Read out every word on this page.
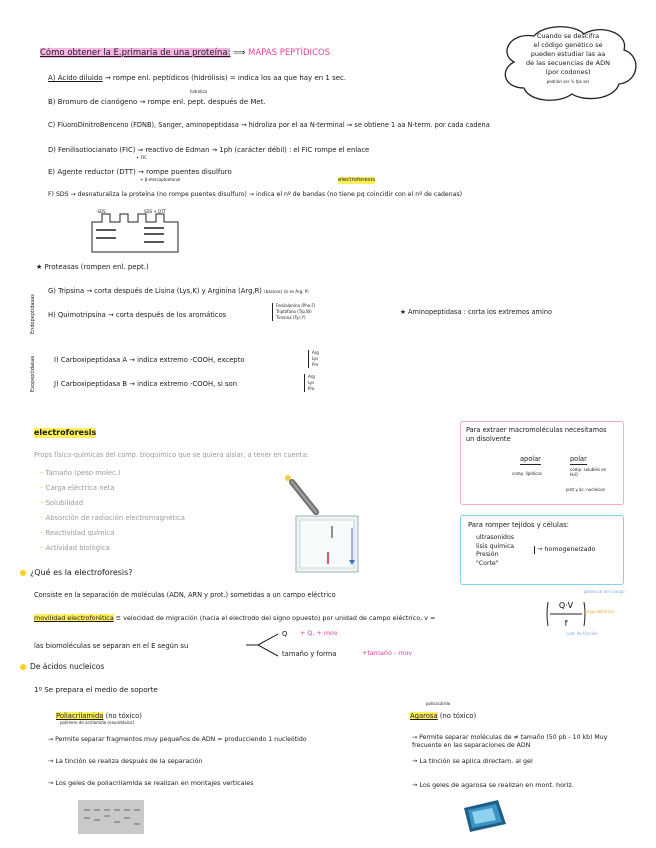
Cómo obtener la E.primaria de una proteína: ⟹ MAPAS PEPTÍDICOS
Cuando se descifra
el código genético se
pueden estudiar las aa
de las secuencias de ADN
(por codones)
podrían ser ½ fps ser
A) Ácido diluido → rompe enl. peptídicos (hidrólisis) = indica los aa que hay en 1 sec.
B) Bromuro de cianógeno → rompe enl. pept. después de Met.
hidroliza
C) FluoroDinitroBenceno (FDNB), Sanger, aminopeptidasa → hidroliza por el aa N-terminal ⇒ se obtiene 1 aa N-term. por cada cadena
D) Fenilisotiocianato (FIC) ⇒ reactivo de Edman → 1ph (carácter débil) : el FIC rompe el enlace
+ FIC
E) Agente reductor (DTT) → rompe puentes disulfuro
+ β-mercaptoetanol	electroforesis
F) SDS → desnaturaliza la proteína (no rompe puentes disulfuro) → indica el nº de bandas (no tiene pq coincidir con el nº de cadenas)
-SDS	SDS + DTT
★ Proteasas (rompen enl. pept.)
Endopeptidasas
G) Tripsina → corta después de Lisina (Lys,K) y Arginina (Arg,R) (básicos) (si es Arg: P)
H) Quimotripsina → corta después de los aromáticos
Fenilalanina (Phe,F)
Triptófano (Trp,W)
Tirosina (Tyr,Y)
★ Aminopeptidasa : corta los extremos amino
Exopeptidasas	I) Carboxipeptidasa A → indica extremo -COOH, excepto
Arg
Lys
Pro
J) Carboxipeptidasa B → indica extremo -COOH, si son
Arg
Lys
Pro
electroforesis
Props físico-químicas del comp. bioquímico que se quiera aislar, a tener en cuenta:
– Tamaño (peso molec.)
– Carga eléctrica neta
– Solubilidad
– Absorción de radiación electromagnética
– Reactividad química
– Actividad biológica
Para extraer macromoléculas necesitamos un disolvente
apolar	polar
comp. lipídicos
comp. solubles en H₂O
prot y ác. nucleicos
Para romper tejidos y células:
ultrasonidos
lisis química
Presión
"Corte"
→ homogeneizado
¿Qué es la electroforesis?
Consiste en la separación de moléculas (ADN, ARN y prot.) sometidas a un campo eléctrico
movilidad electroforética ≡ velocidad de migración (hacia el electrodo del signo opuesto) por unidad de campo eléctrico, v =
Q·V
f
potencial del campo
carga eléctrica
coef. de fricción
las biomoléculas se separan en el E según su
Q + Q, + mov
tamaño y forma	+tamaño - mov
De ácidos nucleicos
1º Se prepara el medio de soporte
Poliacrilamida (no tóxico)
polímero de acrilamida (neurotóxico)
→ Permite separar fragmentos muy pequeños de ADN = producciendo 1 nucleótido
→ La tinción se realiza después de la separación
→ Los geles de poliacrilamida se realizan en montajes verticales
polisacárido
Agarosa (no tóxico)
→ Permite separar moléculas de ≠ tamaño (50 pb - 10 kb) Muy frecuente en las separaciones de ADN
→ La tinción se aplica directam. al gel
→ Los geles de agarosa se realizan en mont. horiz.
